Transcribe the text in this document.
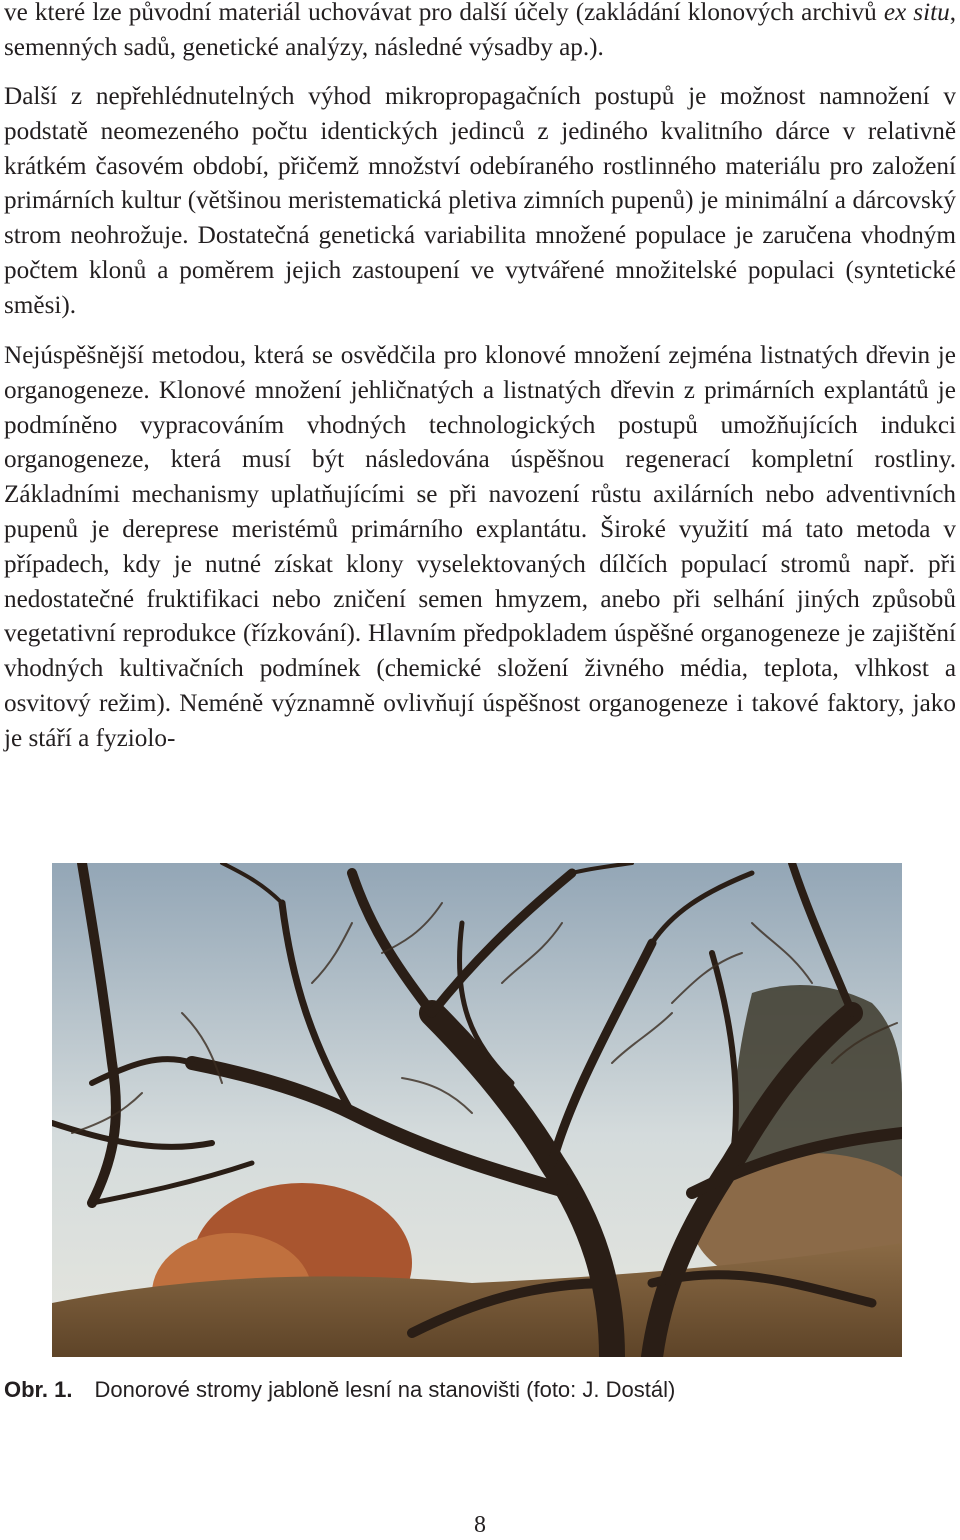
ve které lze původní materiál uchovávat pro další účely (zakládání klonových archivů ex situ, semenných sadů, genetické analýzy, následné výsadby ap.).

Další z nepřehlédnutelných výhod mikropropagačních postupů je možnost namnožení v podstatě neomezeného počtu identických jedinců z jediného kvalitního dárce v relativně krátkém časovém období, přičemž množství odebíraného rostlinného materiálu pro založení primárních kultur (většinou meristematická pletiva zimních pupenů) je minimální a dárcovský strom neohrožuje. Dostatečná genetická variabilita množené populace je zaručena vhodným počtem klonů a poměrem jejich zastoupení ve vytvářené množitelské populaci (syntetické směsi).

Nejúspěšnější metodou, která se osvědčila pro klonové množení zejména listnatých dřevin je organogeneze. Klonové množení jehličnatých a listnatých dřevin z primárních explantátů je podmíněno vypracováním vhodných technologických postupů umožňujících indukci organogeneze, která musí být následována úspěšnou regenerací kompletní rostliny. Základními mechanismy uplatňujícími se při navození růstu axilárních nebo adventivních pupenů je dereprese meristémů primárního explantátu. Široké využití má tato metoda v případech, kdy je nutné získat klony vyselektovaných dílčích populací stromů např. při nedostatečné fruktifikaci nebo zničení semen hmyzem, anebo při selhání jiných způsobů vegetativní reprodukce (řízkování). Hlavním předpokladem úspěšné organogeneze je zajištění vhodných kultivačních podmínek (chemické složení živného média, teplota, vlhkost a osvitový režim). Neméně významně ovlivňují úspěšnost organogeneze i takové faktory, jako je stáří a fyziolo-

Obr. 1. Donorové stromy jabloně lesní na stanovišti (foto: J. Dostál)
8
